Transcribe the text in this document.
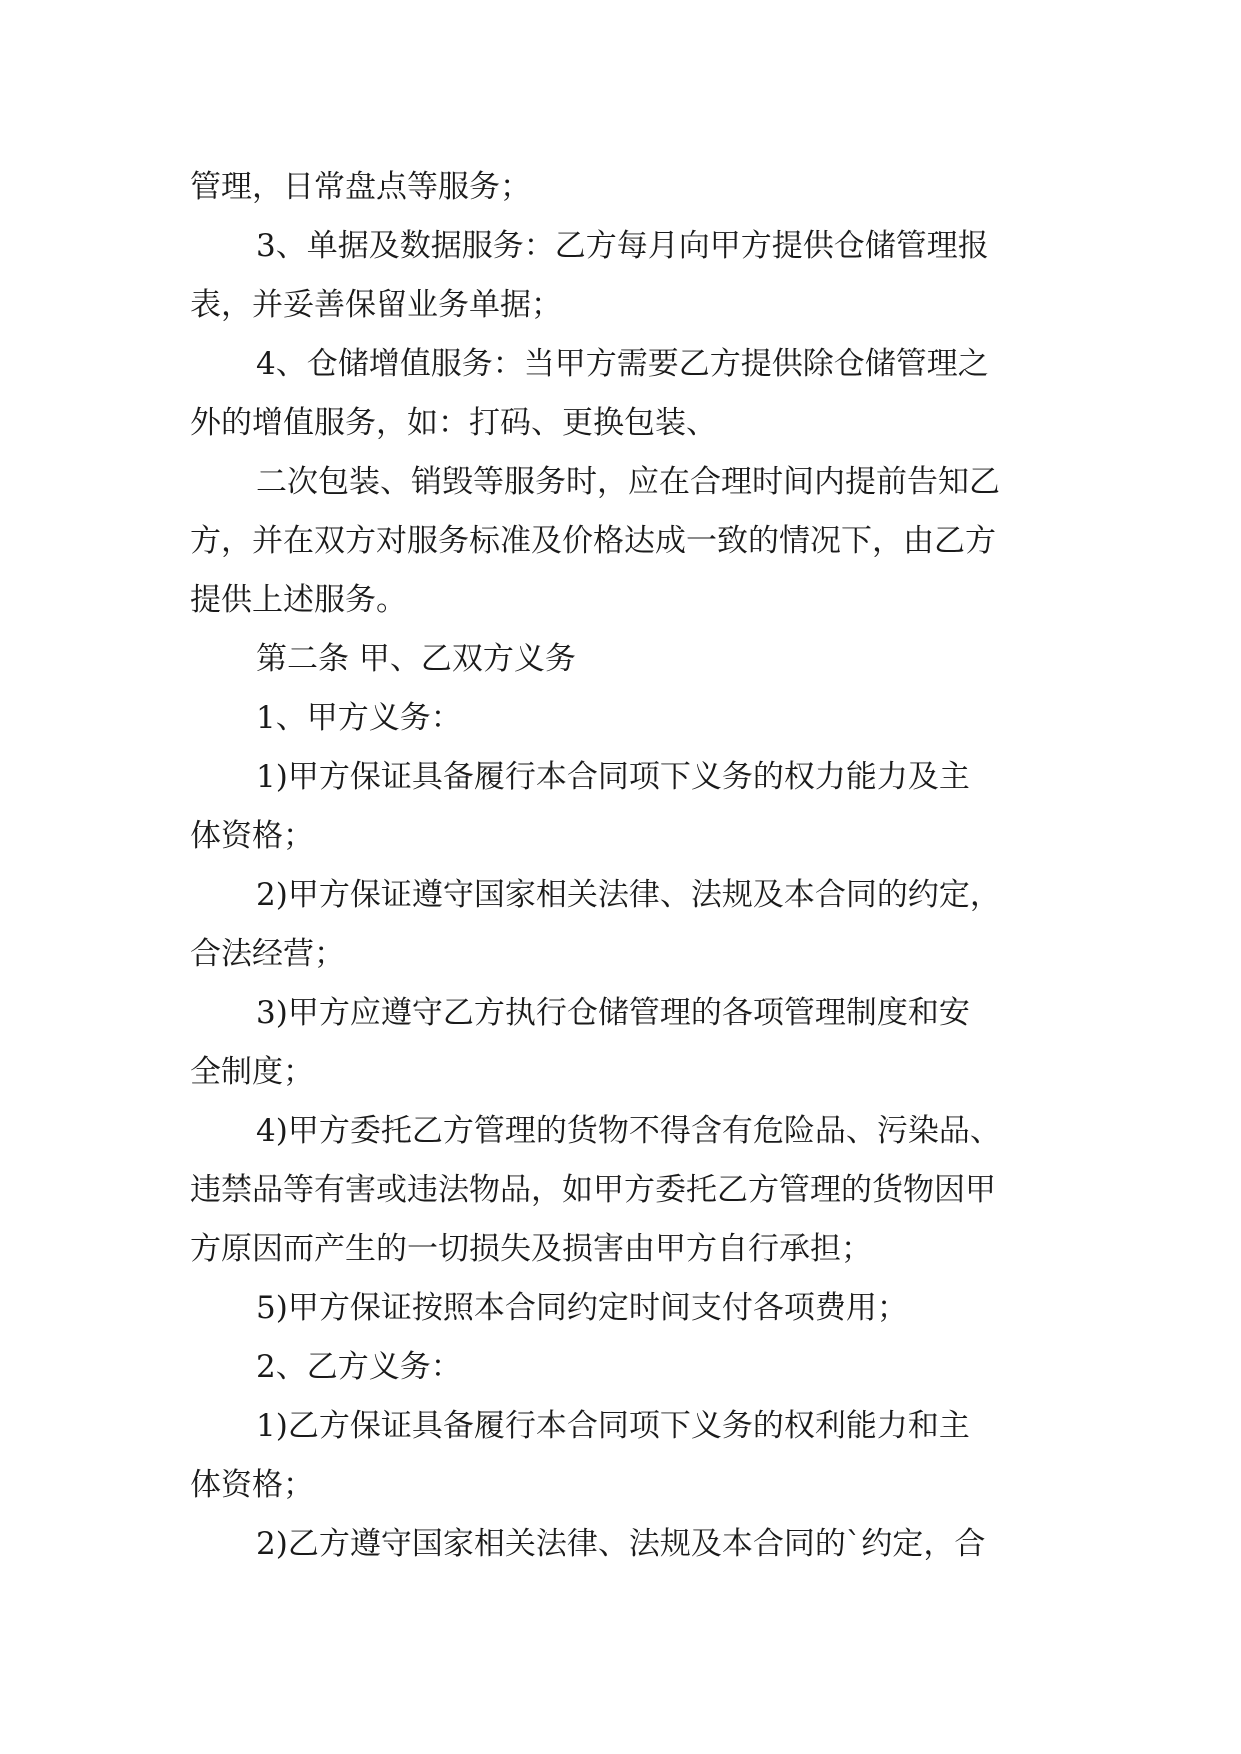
管理，日常盘点等服务；
3、单据及数据服务：乙方每月向甲方提供仓储管理报
表，并妥善保留业务单据；
4、仓储增值服务：当甲方需要乙方提供除仓储管理之
外的增值服务，如：打码、更换包装、
二次包装、销毁等服务时，应在合理时间内提前告知乙
方，并在双方对服务标准及价格达成一致的情况下，由乙方
提供上述服务。
第二条 甲、乙双方义务
1、甲方义务：
1)甲方保证具备履行本合同项下义务的权力能力及主
体资格；
2)甲方保证遵守国家相关法律、法规及本合同的约定，
合法经营；
3)甲方应遵守乙方执行仓储管理的各项管理制度和安
全制度；
4)甲方委托乙方管理的货物不得含有危险品、污染品、
违禁品等有害或违法物品，如甲方委托乙方管理的货物因甲
方原因而产生的一切损失及损害由甲方自行承担；
5)甲方保证按照本合同约定时间支付各项费用；
2、乙方义务：
1)乙方保证具备履行本合同项下义务的权利能力和主
体资格；
2)乙方遵守国家相关法律、法规及本合同的`约定，合
